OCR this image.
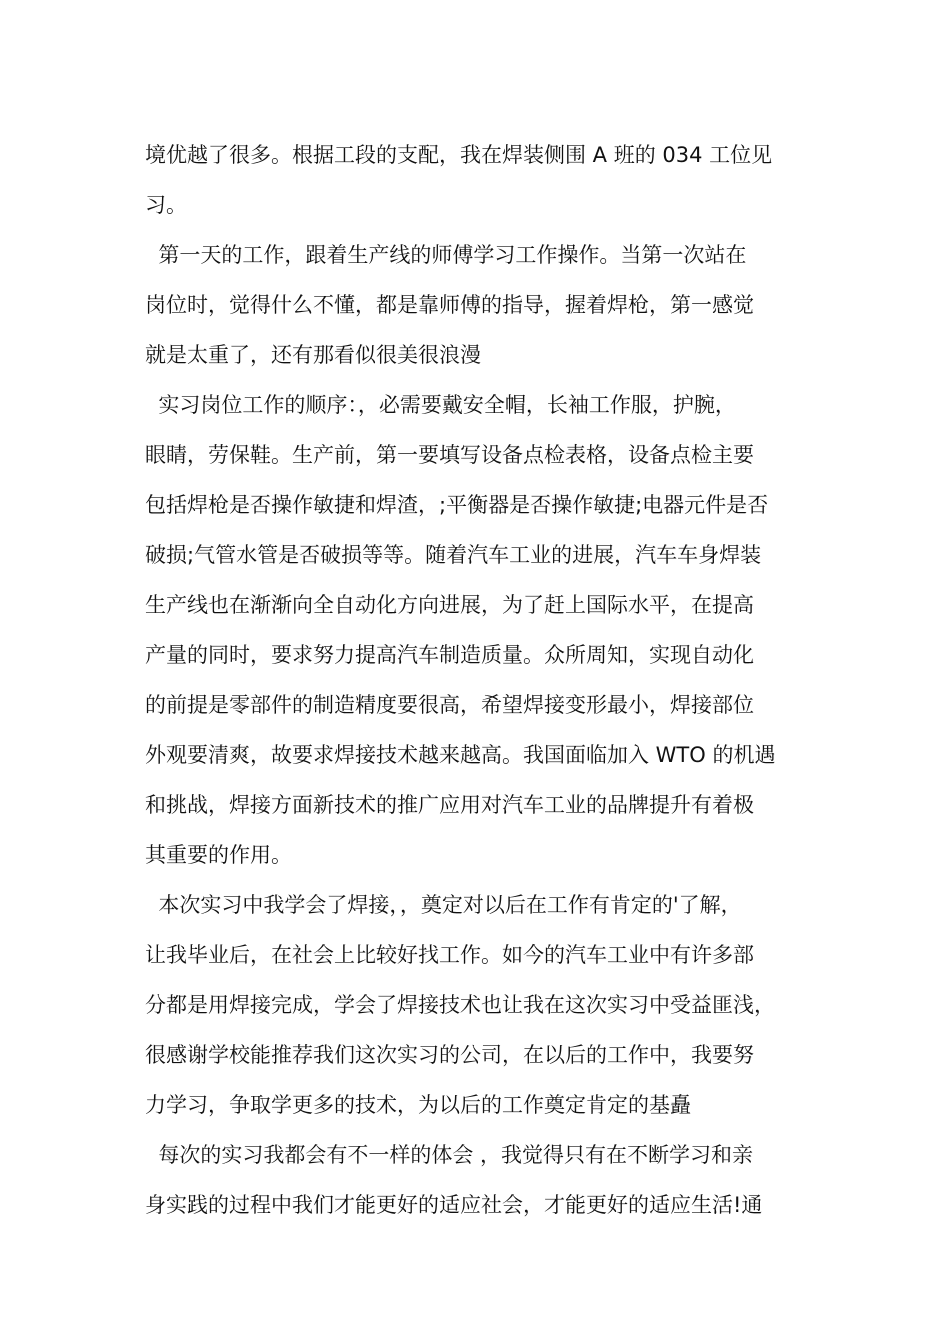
境优越了很多。根据工段的支配，我在焊装侧围 A 班的 034 工位见
习。
第一天的工作，跟着生产线的师傅学习工作操作。当第一次站在
岗位时，觉得什么不懂，都是靠师傅的指导，握着焊枪，第一感觉
就是太重了，还有那看似很美很浪漫
实习岗位工作的顺序：，必需要戴安全帽，长袖工作服，护腕，
眼睛，劳保鞋。生产前，第一要填写设备点检表格，设备点检主要
包括焊枪是否操作敏捷和焊渣，;平衡器是否操作敏捷;电器元件是否
破损;气管水管是否破损等等。随着汽车工业的进展，汽车车身焊装
生产线也在渐渐向全自动化方向进展，为了赶上国际水平，在提高
产量的同时，要求努力提高汽车制造质量。众所周知，实现自动化
的前提是零部件的制造精度要很高，希望焊接变形最小，焊接部位
外观要清爽，故要求焊接技术越来越高。我国面临加入 WTO 的机遇
和挑战，焊接方面新技术的推广应用对汽车工业的品牌提升有着极
其重要的作用。
本次实习中我学会了焊接，，奠定对以后在工作有肯定的'了解，
让我毕业后，在社会上比较好找工作。如今的汽车工业中有许多部
分都是用焊接完成，学会了焊接技术也让我在这次实习中受益匪浅，
很感谢学校能推荐我们这次实习的公司，在以后的工作中，我要努
力学习，争取学更多的技术，为以后的工作奠定肯定的基矗
每次的实习我都会有不一样的体会 ，我觉得只有在不断学习和亲
身实践的过程中我们才能更好的适应社会，才能更好的适应生活!通
